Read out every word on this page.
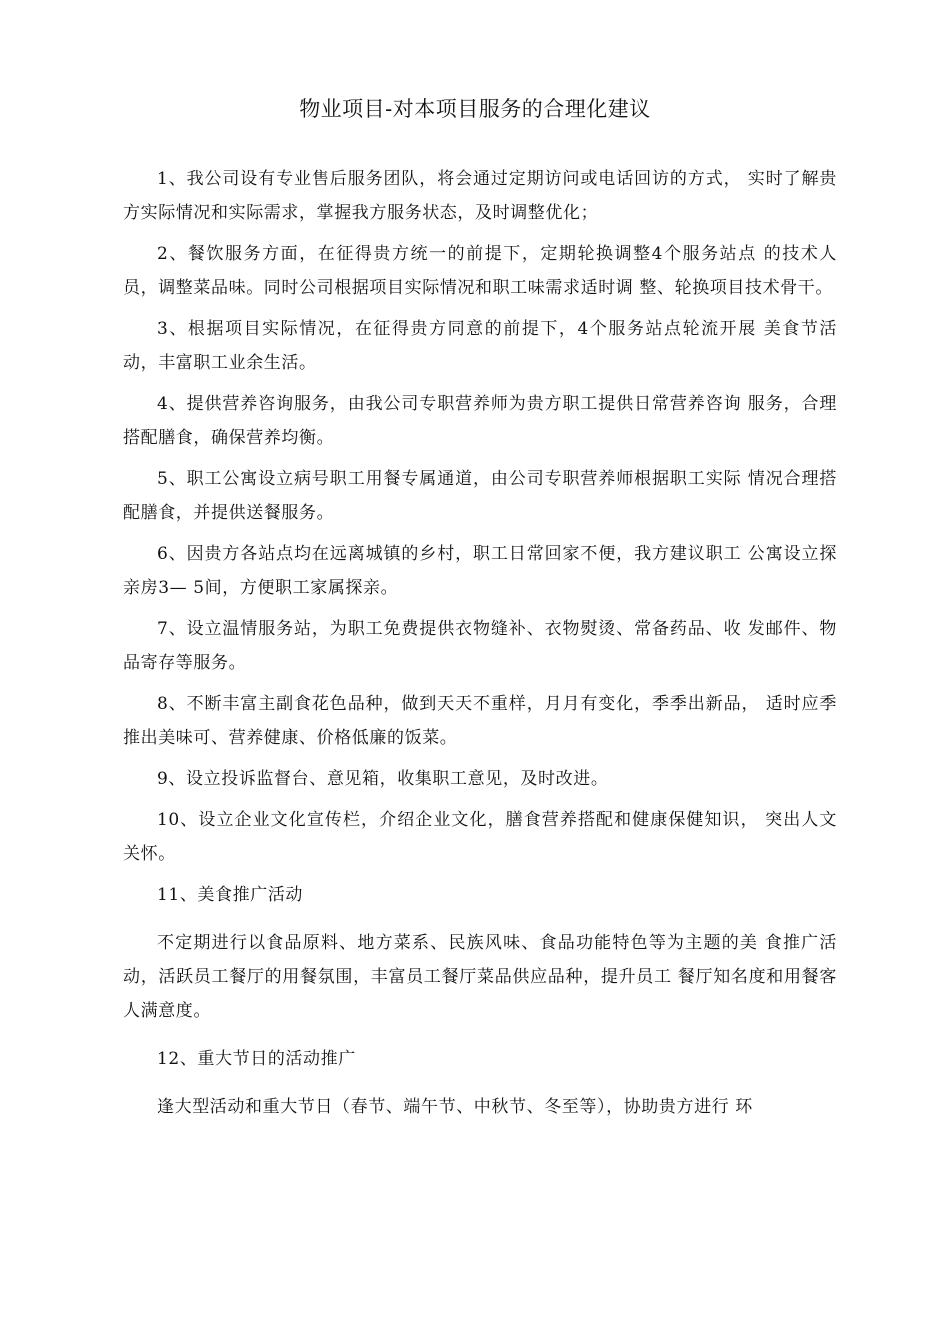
物业项目-对本项目服务的合理化建议

1、我公司设有专业售后服务团队，将会通过定期访问或电话回访的方式， 实时了解贵方实际情况和实际需求，掌握我方服务状态，及时调整优化；

2、餐饮服务方面，在征得贵方统一的前提下，定期轮换调整4个服务站点 的技术人员，调整菜品味。同时公司根据项目实际情况和职工味需求适时调 整、轮换项目技术骨干。

3、根据项目实际情况，在征得贵方同意的前提下，4个服务站点轮流开展 美食节活动，丰富职工业余生活。

4、提供营养咨询服务，由我公司专职营养师为贵方职工提供日常营养咨询 服务，合理搭配膳食，确保营养均衡。

5、职工公寓设立病号职工用餐专属通道，由公司专职营养师根据职工实际 情况合理搭配膳食，并提供送餐服务。

6、因贵方各站点均在远离城镇的乡村，职工日常回家不便，我方建议职工 公寓设立探亲房3— 5间，方便职工家属探亲。

7、设立温情服务站，为职工免费提供衣物缝补、衣物熨烫、常备药品、收 发邮件、物品寄存等服务。

8、不断丰富主副食花色品种，做到天天不重样，月月有变化，季季出新品， 适时应季推出美味可、营养健康、价格低廉的饭菜。

9、设立投诉监督台、意见箱，收集职工意见，及时改进。

10、设立企业文化宣传栏，介绍企业文化，膳食营养搭配和健康保健知识， 突出人文关怀。

11、美食推广活动

不定期进行以食品原料、地方菜系、民族风味、食品功能特色等为主题的美 食推广活动，活跃员工餐厅的用餐氛围，丰富员工餐厅菜品供应品种，提升员工 餐厅知名度和用餐客人满意度。

12、重大节日的活动推广

逢大型活动和重大节日（春节、端午节、中秋节、冬至等），协助贵方进行 环
